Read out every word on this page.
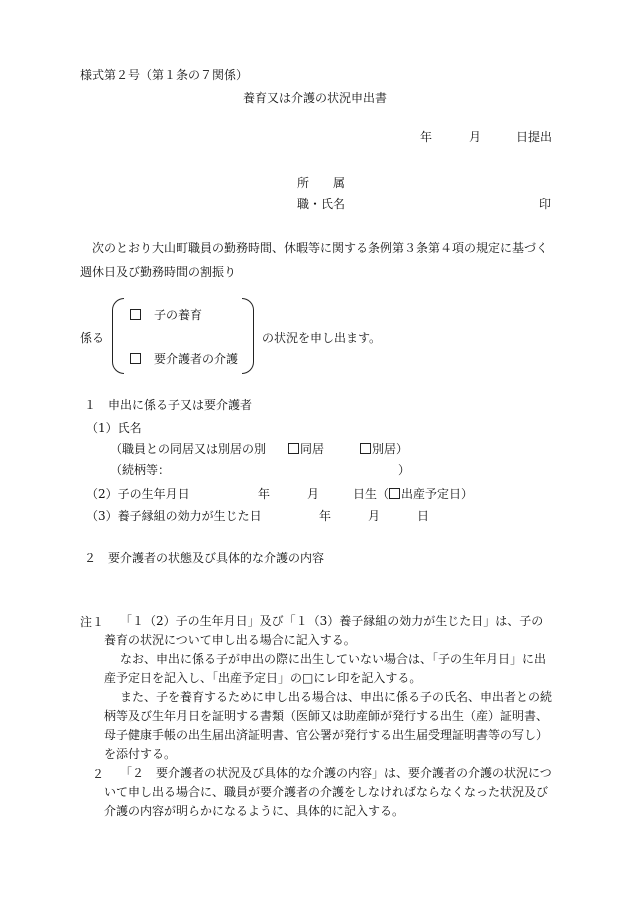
様式第２号（第１条の７関係）
養育又は介護の状況申出書
年	月	日提出
所　　属
職・氏名	印
次のとおり大山町職員の勤務時間、休暇等に関する条例第３条第４項の規定に基づく
週休日及び勤務時間の割振り
係る
　子の養育
　要介護者の介護
の状況を申し出ます。
１　申出に係る子又は要介護者
（1）氏名
（職員との同居又は別居の別	同居	別居）
（続柄等：	）
（2）子の生年月日	年	月	日生（ 出産予定日）
（3）養子縁組の効力が生じた日	年	月	日
２　要介護者の状態及び具体的な介護の内容
注１	「１（2）子の生年月日」及び「１（3）養子縁組の効力が生じた日」は、子の養育の状況について申し出る場合に記入する。
なお、申出に係る子が申出の際に出生していない場合は、「子の生年月日」に出産予定日を記入し、「出産予定日」の□にレ印を記入する。
また、子を養育するために申し出る場合は、申出に係る子の氏名、申出者との続柄等及び生年月日を証明する書類（医師又は助産師が発行する出生（産）証明書、母子健康手帳の出生届出済証明書、官公署が発行する出生届受理証明書等の写し）を添付する。
２	「２　要介護者の状況及び具体的な介護の内容」は、要介護者の介護の状況について申し出る場合に、職員が要介護者の介護をしなければならなくなった状況及び介護の内容が明らかになるように、具体的に記入する。
